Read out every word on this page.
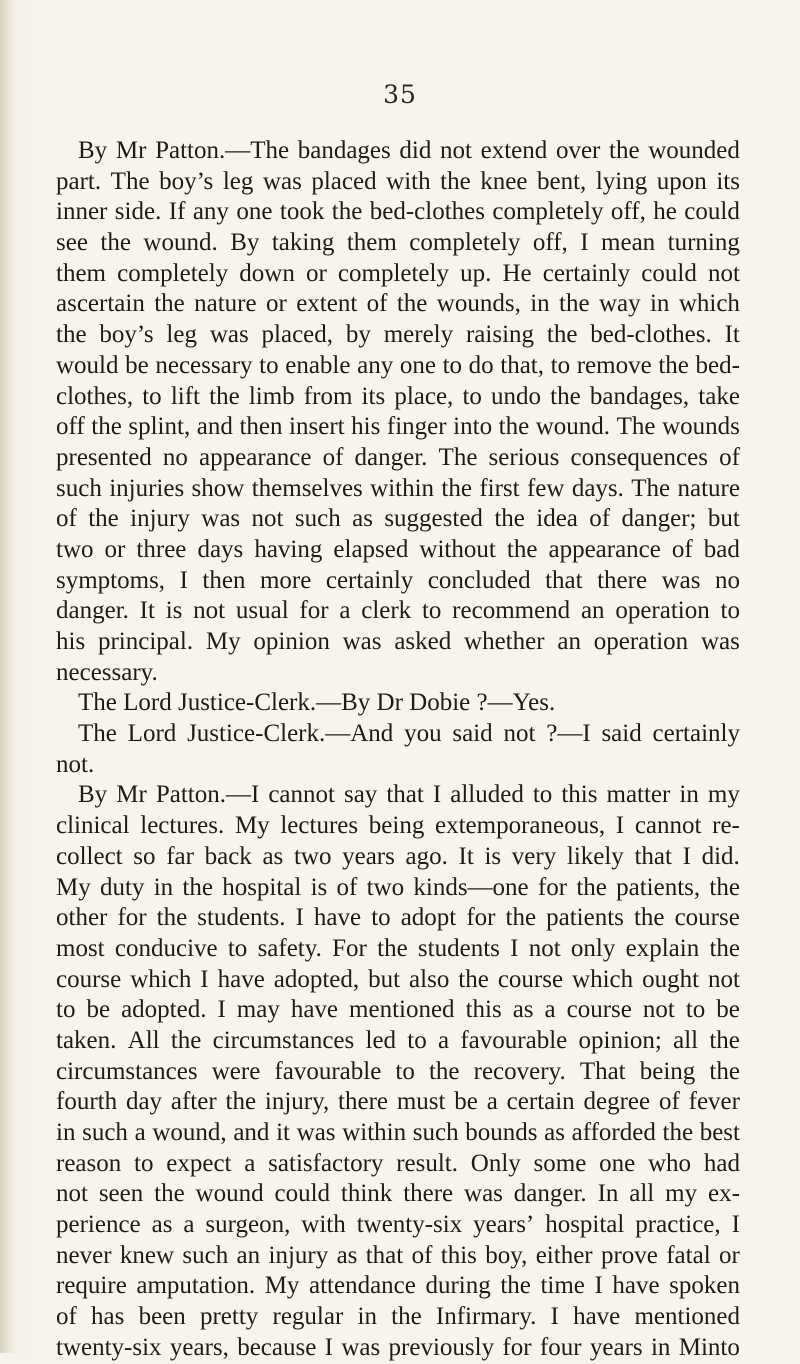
35
By Mr Patton.—The bandages did not extend over the wounded
part. The boy’s leg was placed with the knee bent, lying upon its
inner side. If any one took the bed-clothes completely off, he could
see the wound. By taking them completely off, I mean turning
them completely down or completely up. He certainly could not
ascertain the nature or extent of the wounds, in the way in which
the boy’s leg was placed, by merely raising the bed-clothes. It
would be necessary to enable any one to do that, to remove the bed-
clothes, to lift the limb from its place, to undo the bandages, take
off the splint, and then insert his finger into the wound. The wounds
presented no appearance of danger. The serious consequences of
such injuries show themselves within the first few days. The nature
of the injury was not such as suggested the idea of danger; but
two or three days having elapsed without the appearance of bad
symptoms, I then more certainly concluded that there was no
danger. It is not usual for a clerk to recommend an operation to
his principal. My opinion was asked whether an operation was
necessary.
The Lord Justice-Clerk.—By Dr Dobie ?—Yes.
The Lord Justice-Clerk.—And you said not ?—I said certainly
not.
By Mr Patton.—I cannot say that I alluded to this matter in my
clinical lectures. My lectures being extemporaneous, I cannot re-
collect so far back as two years ago. It is very likely that I did.
My duty in the hospital is of two kinds—one for the patients, the
other for the students. I have to adopt for the patients the course
most conducive to safety. For the students I not only explain the
course which I have adopted, but also the course which ought not
to be adopted. I may have mentioned this as a course not to be
taken. All the circumstances led to a favourable opinion; all the
circumstances were favourable to the recovery. That being the
fourth day after the injury, there must be a certain degree of fever
in such a wound, and it was within such bounds as afforded the best
reason to expect a satisfactory result. Only some one who had
not seen the wound could think there was danger. In all my ex-
perience as a surgeon, with twenty-six years’ hospital practice, I
never knew such an injury as that of this boy, either prove fatal or
require amputation. My attendance during the time I have spoken
of has been pretty regular in the Infirmary. I have mentioned
twenty-six years, because I was previously for four years in Minto
